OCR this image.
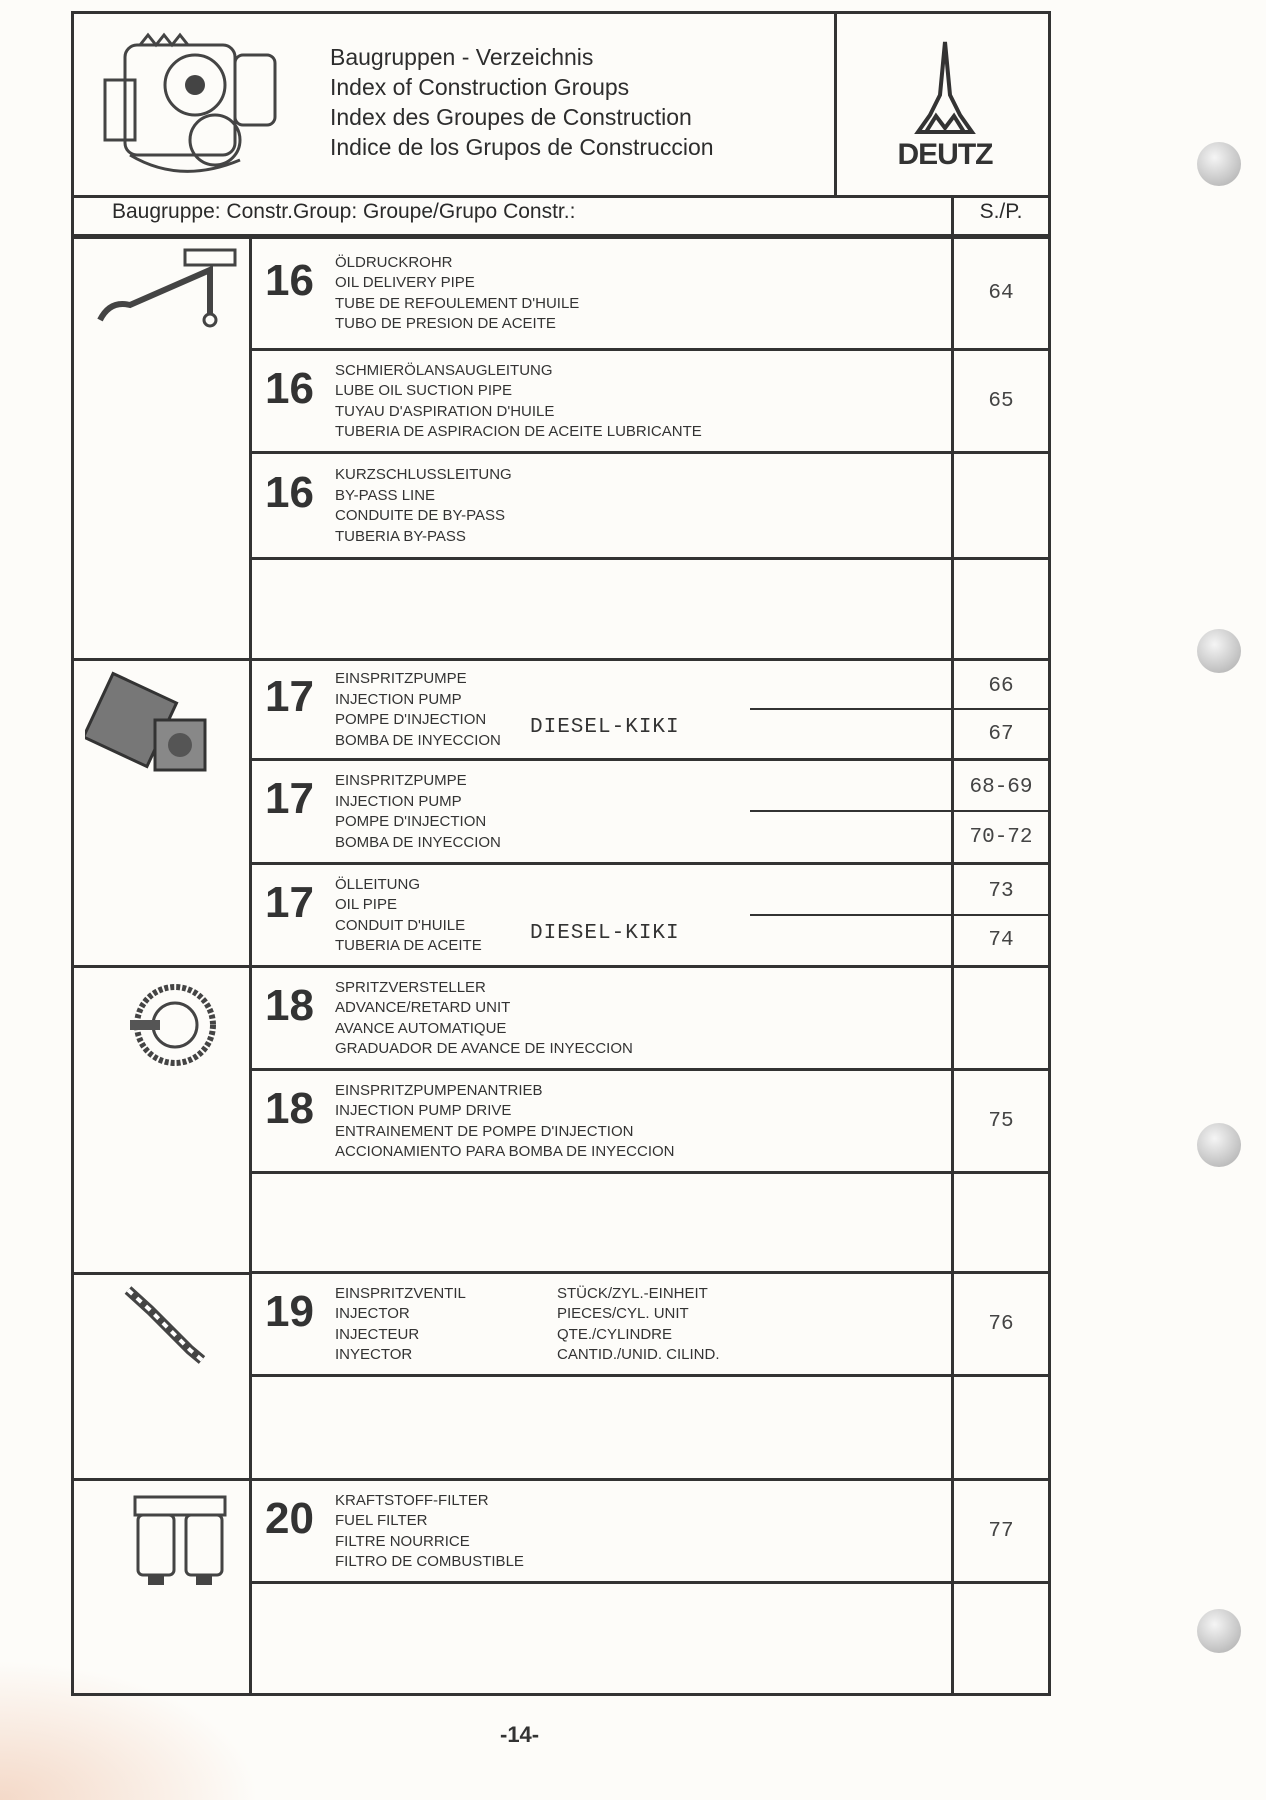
Baugruppen - Verzeichnis
Index of Construction Groups
Index des Groupes de Construction
Indice de los Grupos de Construccion	DEUTZ
Baugruppe: Constr.Group: Groupe/Grupo Constr.:	S./P.
16 ÖLDRUCKROHR
OIL DELIVERY PIPE
TUBE DE REFOULEMENT D'HUILE
TUBO DE PRESION DE ACEITE
16 SCHMIERÖLANSAUGLEITUNG
LUBE OIL SUCTION PIPE
TUYAU D'ASPIRATION D'HUILE
TUBERIA DE ASPIRACION DE ACEITE LUBRICANTE
16 KURZSCHLUSSLEITUNG
BY-PASS LINE
CONDUITE DE BY-PASS
TUBERIA BY-PASS
17 EINSPRITZPUMPE
INJECTION PUMP
POMPE D'INJECTION
BOMBA DE INYECCION
DIESEL-KIKI
17 EINSPRITZPUMPE
INJECTION PUMP
POMPE D'INJECTION
BOMBA DE INYECCION
17 ÖLLEITUNG
OIL PIPE
CONDUIT D'HUILE
TUBERIA DE ACEITE
DIESEL-KIKI
18 SPRITZVERSTELLER
ADVANCE/RETARD UNIT
AVANCE AUTOMATIQUE
GRADUADOR DE AVANCE DE INYECCION
18 EINSPRITZPUMPENANTRIEB
INJECTION PUMP DRIVE
ENTRAINEMENT DE POMPE D'INJECTION
ACCIONAMIENTO PARA BOMBA DE INYECCION
19 EINSPRITZVENTIL
INJECTOR
INJECTEUR
INYECTOR
STÜCK/ZYL.-EINHEIT
PIECES/CYL. UNIT
QTE./CYLINDRE
CANTID./UNID. CILIND.
20 KRAFTSTOFF-FILTER
FUEL FILTER
FILTRE NOURRICE
FILTRO DE COMBUSTIBLE
-14-
64
65
66
67
68-69
70-72
73
74
75
76
77
